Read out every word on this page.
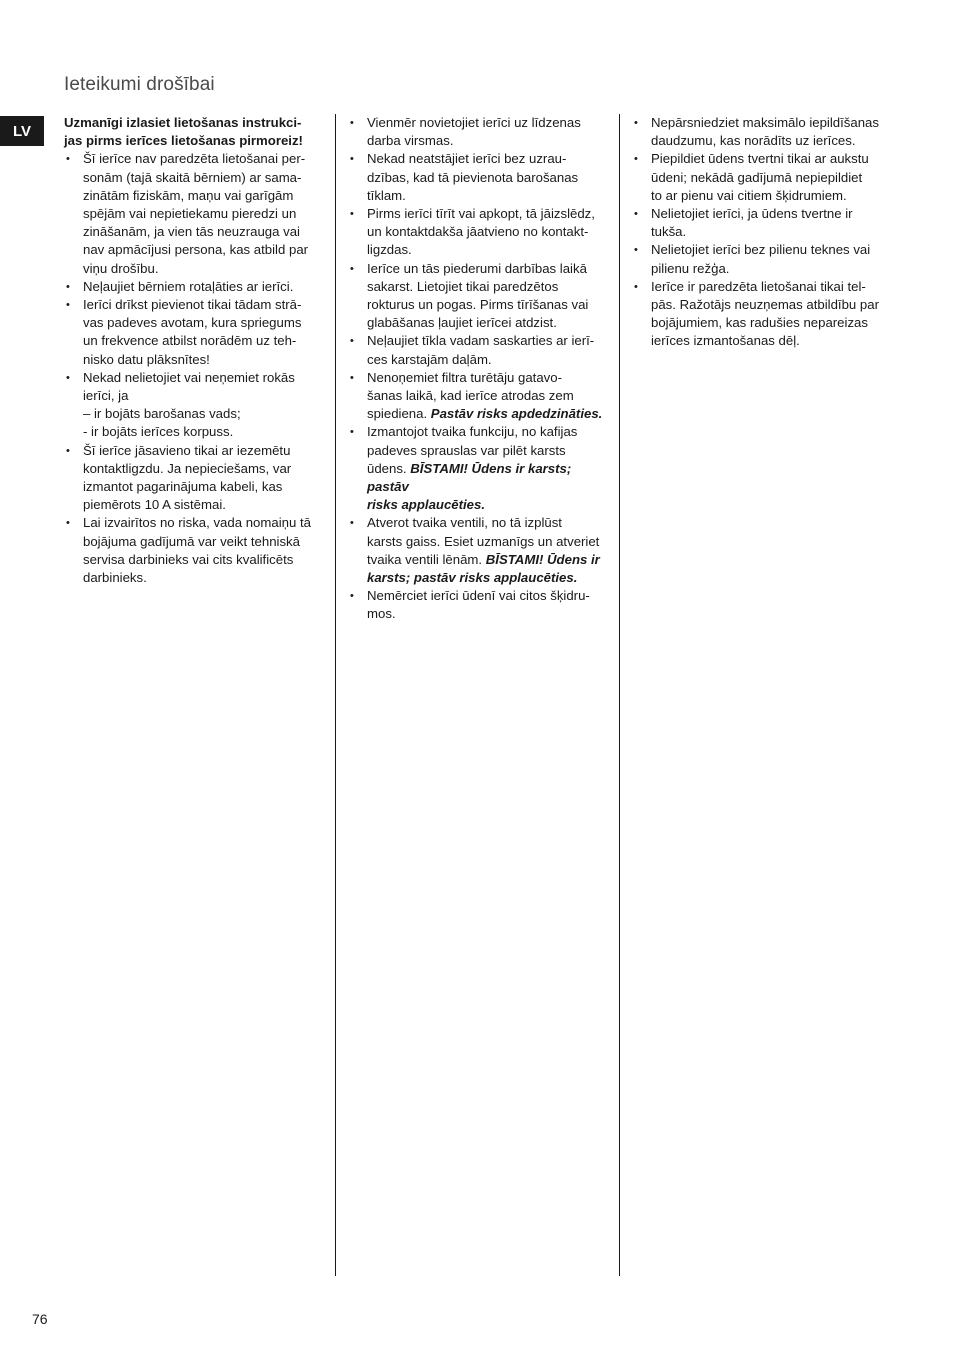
Ieteikumi drošībai
LV	Uzmanīgi izlasiet lietošanas instrukci-
jas pirms ierīces lietošanas pirmoreiz!
• Šī ierīce nav paredzēta lietošanai per-
sonām (tajā skaitā bērniem) ar sama-
zinātām fiziskām, maņu vai garīgām
spējām vai nepietiekamu pieredzi un
zināšanām, ja vien tās neuzrauga vai
nav apmācījusi persona, kas atbild par
viņu drošību.
• Neļaujiet bērniem rotaļāties ar ierīci.
• Ierīci drīkst pievienot tikai tādam strā-
vas padeves avotam, kura spriegums
un frekvence atbilst norādēm uz teh-
nisko datu plāksnītes!
• Nekad nelietojiet vai neņemiet rokās
ierīci, ja
– ir bojāts barošanas vads;
- ir bojāts ierīces korpuss.
• Šī ierīce jāsavieno tikai ar iezemētu
kontaktligzdu. Ja nepieciešams, var
izmantot pagarinājuma kabeli, kas
piemērots 10 A sistēmai.
• Lai izvairītos no riska, vada nomaiņu tā
bojājuma gadījumā var veikt tehniskā
servisa darbinieks vai cits kvalificēts
darbinieks.
• Vienmēr novietojiet ierīci uz līdzenas
darba virsmas.
• Nekad neatstājiet ierīci bez uzrau-
dzības, kad tā pievienota barošanas
tīklam.
• Pirms ierīci tīrīt vai apkopt, tā jāizslēdz,
un kontaktdakša jāatvieno no kontakt-
ligzdas.
• Ierīce un tās piederumi darbības laikā
sakarst. Lietojiet tikai paredzētos
rokturus un pogas. Pirms tīrīšanas vai
glabāšanas ļaujiet ierīcei atdzist.
• Neļaujiet tīkla vadam saskarties ar ierī-
ces karstajām daļām.
• Nenoņemiet filtra turētāju gatavo-
šanas laikā, kad ierīce atrodas zem
spiediena. Pastāv risks apdedzināties.
• Izmantojot tvaika funkciju, no kafijas
padeves sprauslas var pilēt karsts
ūdens. BĪSTAMI! Ūdens ir karsts; pastāv
risks applaucēties.
• Atverot tvaika ventili, no tā izplūst
karsts gaiss. Esiet uzmanīgs un atveriet
tvaika ventili lēnām. BĪSTAMI! Ūdens ir
karsts; pastāv risks applaucēties.
• Nemērciet ierīci ūdenī vai citos šķidru-
mos.
• Nepārsniedziet maksimālo iepildīšanas
daudzumu, kas norādīts uz ierīces.
• Piepildiet ūdens tvertni tikai ar aukstu
ūdeni; nekādā gadījumā nepiepildiet
to ar pienu vai citiem šķidrumiem.
• Nelietojiet ierīci, ja ūdens tvertne ir
tukša.
• Nelietojiet ierīci bez pilienu teknes vai
pilienu režģa.
• Ierīce ir paredzēta lietošanai tikai tel-
pās. Ražotājs neuzņemas atbildību par
bojājumiem, kas radušies nepareizas
ierīces izmantošanas dēļ.
76
